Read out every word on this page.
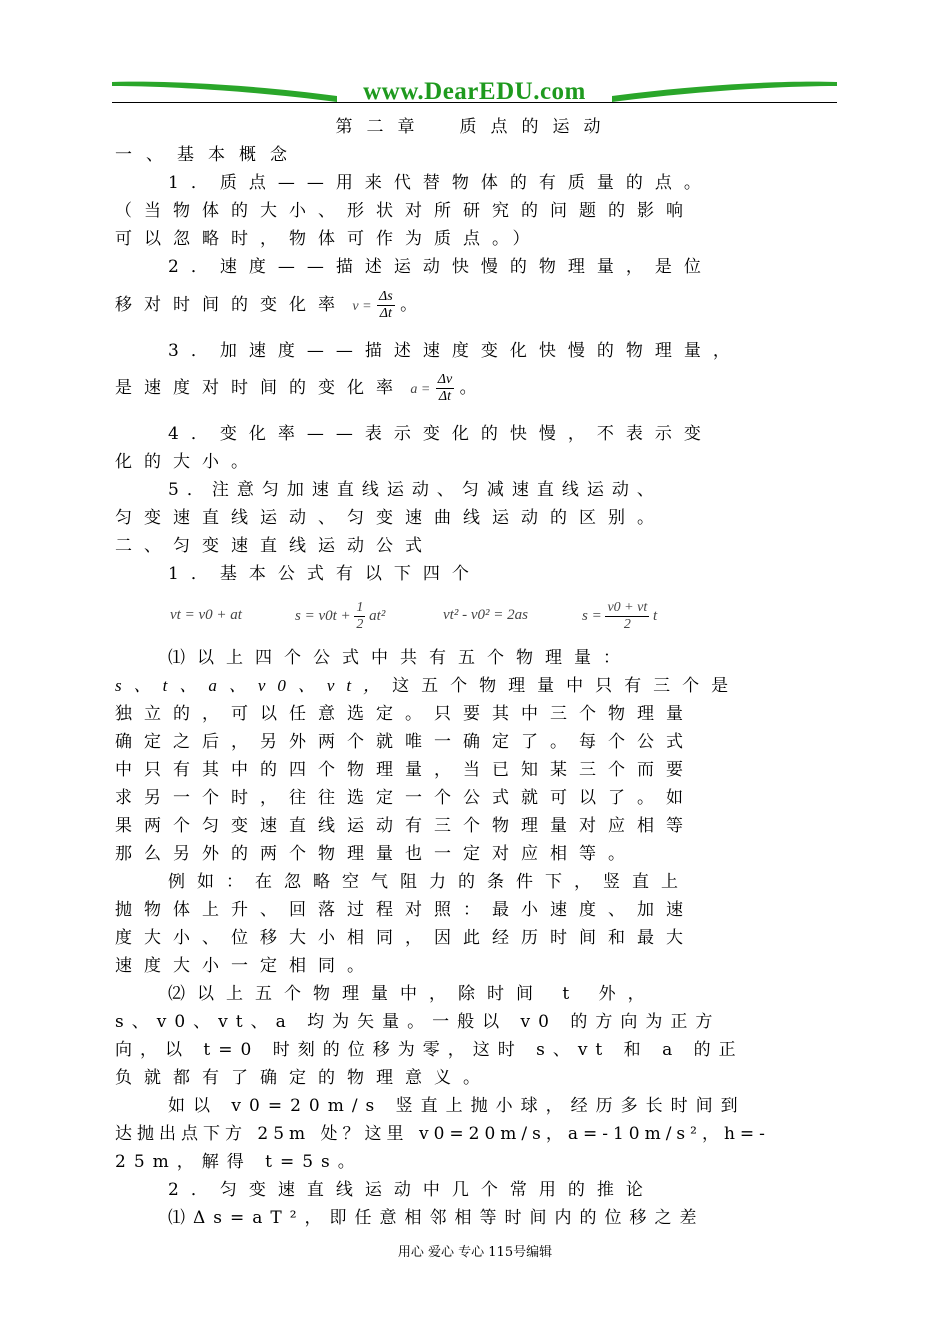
www.DearEDU.com
第二章　质点的运动
一、基本概念
1．质点——用来代替物体的有质量的点。
（当物体的大小、形状对所研究的问题的影响
可以忽略时，物体可作为质点。）
2．速度——描述运动快慢的物理量，是位
移对时间的变化率 $v = \frac{\Delta s}{\Delta t}$ 。
3．加速度——描述速度变化快慢的物理量，
是速度对时间的变化率 $a = \frac{\Delta v}{\Delta t}$ 。
4．变化率——表示变化的快慢，不表示变
化的大小。
5．注意匀加速直线运动、匀减速直线运动、
匀变速直线运动、匀变速曲线运动的区别。
二、匀变速直线运动公式
1．基本公式有以下四个
vt = v0 + at	$s = v0t + \frac{1}{2} at^2$	vt² - v0² = 2as	$s = \frac{v0 + vt}{2}$ t
⑴以上四个公式中共有五个物理量：
s、t、a、v0、vt，这五个物理量中只有三个是
独立的，可以任意选定。只要其中三个物理量
确定之后，另外两个就唯一确定了。每个公式
中只有其中的四个物理量，当已知某三个而要
求另一个时，往往选定一个公式就可以了。如
果两个匀变速直线运动有三个物理量对应相等
那么另外的两个物理量也一定对应相等。
例如：在忽略空气阻力的条件下，竖直上
抛物体上升、回落过程对照：最小速度、加速
度大小、位移大小相同，因此经历时间和最大
速度大小一定相同。
⑵以上五个物理量中，除时间 t 外，
s、v0、vt、a 均为矢量。一般以 v0 的方向为正方
向，以 t=0 时刻的位移为零，这时 s、vt 和 a 的正
负就都有了确定的物理意义。
如以 v0=20m/s 竖直上抛小球，经历多长时间到
达抛出点下方 25m 处？这里 v0=20m/s，a=-10m/s²，h=-
25m，解得 t=5s。
2．匀变速直线运动中几个常用的推论
⑴Δs=aT²，即任意相邻相等时间内的位移之差
用心 爱心 专心 115号编辑
